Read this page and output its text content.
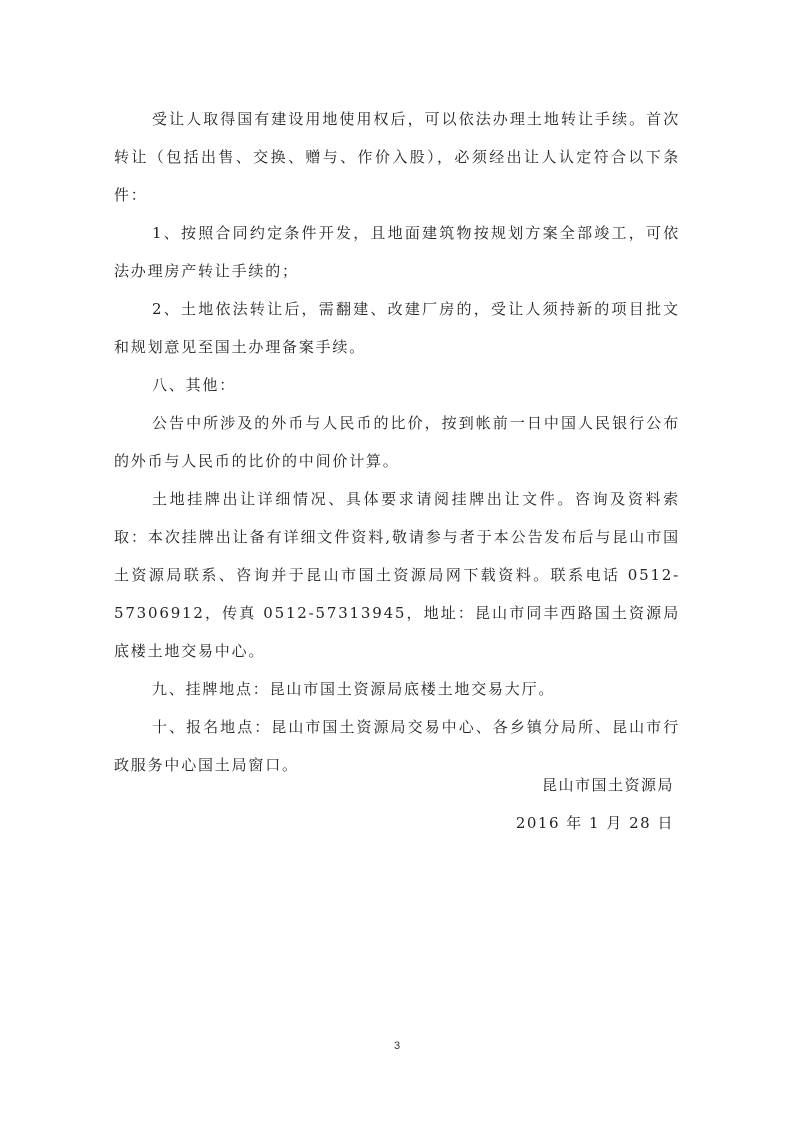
受让人取得国有建设用地使用权后，可以依法办理土地转让手续。首次转让（包括出售、交换、赠与、作价入股），必须经出让人认定符合以下条件：

1、按照合同约定条件开发，且地面建筑物按规划方案全部竣工，可依法办理房产转让手续的；

2、土地依法转让后，需翻建、改建厂房的，受让人须持新的项目批文和规划意见至国土办理备案手续。

八、其他：

公告中所涉及的外币与人民币的比价，按到帐前一日中国人民银行公布的外币与人民币的比价的中间价计算。

土地挂牌出让详细情况、具体要求请阅挂牌出让文件。咨询及资料索取：本次挂牌出让备有详细文件资料,敬请参与者于本公告发布后与昆山市国土资源局联系、咨询并于昆山市国土资源局网下载资料。联系电话 0512-57306912，传真 0512-57313945，地址：昆山市同丰西路国土资源局底楼土地交易中心。

九、挂牌地点：昆山市国土资源局底楼土地交易大厅。

十、报名地点：昆山市国土资源局交易中心、各乡镇分局所、昆山市行政服务中心国土局窗口。

昆山市国土资源局
2016 年 1 月 28 日
3
